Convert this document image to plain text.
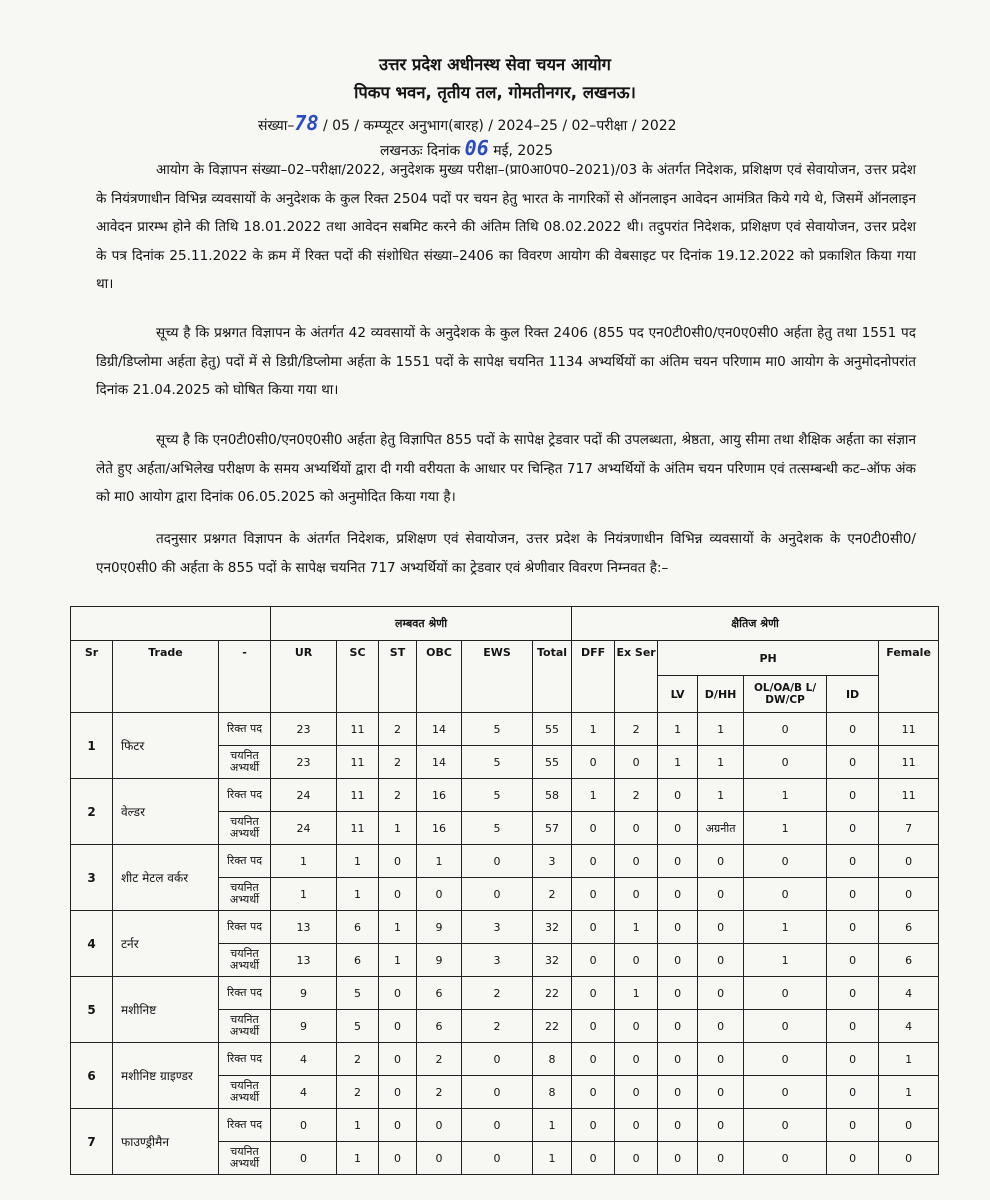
उत्तर प्रदेश अधीनस्थ सेवा चयन आयोग
पिकप भवन, तृतीय तल, गोमतीनगर, लखनऊ।
संख्या–78 / 05 / कम्प्यूटर अनुभाग(बारह) / 2024–25 / 02–परीक्षा / 2022
लखनऊः दिनांक 06 मई, 2025
आयोग के विज्ञापन संख्या–02–परीक्षा/2022, अनुदेशक मुख्य परीक्षा–(प्रा0आ0प0–2021)/03 के अंतर्गत निदेशक, प्रशिक्षण एवं सेवायोजन, उत्तर प्रदेश के नियंत्रणाधीन विभिन्न व्यवसायों के अनुदेशक के कुल रिक्त 2504 पदों पर चयन हेतु भारत के नागरिकों से ऑनलाइन आवेदन आमंत्रित किये गये थे, जिसमें ऑनलाइन आवेदन प्रारम्भ होने की तिथि 18.01.2022 तथा आवेदन सबमिट करने की अंतिम तिथि 08.02.2022 थी। तदुपरांत निदेशक, प्रशिक्षण एवं सेवायोजन, उत्तर प्रदेश के पत्र दिनांक 25.11.2022 के क्रम में रिक्त पदों की संशोधित संख्या–2406 का विवरण आयोग की वेबसाइट पर दिनांक 19.12.2022 को प्रकाशित किया गया था।
सूच्य है कि प्रश्नगत विज्ञापन के अंतर्गत 42 व्यवसायों के अनुदेशक के कुल रिक्त 2406 (855 पद एन0टी0सी0/एन0ए0सी0 अर्हता हेतु तथा 1551 पद डिग्री/डिप्लोमा अर्हता हेतु) पदों में से डिग्री/डिप्लोमा अर्हता के 1551 पदों के सापेक्ष चयनित 1134 अभ्यर्थियों का अंतिम चयन परिणाम मा0 आयोग के अनुमोदनोपरांत दिनांक 21.04.2025 को घोषित किया गया था।
सूच्य है कि एन0टी0सी0/एन0ए0सी0 अर्हता हेतु विज्ञापित 855 पदों के सापेक्ष ट्रेडवार पदों की उपलब्धता, श्रेष्ठता, आयु सीमा तथा शैक्षिक अर्हता का संज्ञान लेते हुए अर्हता/अभिलेख परीक्षण के समय अभ्यर्थियों द्वारा दी गयी वरीयता के आधार पर चिन्हित 717 अभ्यर्थियों के अंतिम चयन परिणाम एवं तत्सम्बन्धी कट–ऑफ अंक को मा0 आयोग द्वारा दिनांक 06.05.2025 को अनुमोदित किया गया है।
तदनुसार प्रश्नगत विज्ञापन के अंतर्गत निदेशक, प्रशिक्षण एवं सेवायोजन, उत्तर प्रदेश के नियंत्रणाधीन विभिन्न व्यवसायों के अनुदेशक के एन0टी0सी0/एन0ए0सी0 की अर्हता के 855 पदों के सापेक्ष चयनित 717 अभ्यर्थियों का ट्रेडवार एवं श्रेणीवार विवरण निम्नवत है:–
			लम्बवत श्रेणी						क्षैतिज श्रेणी						
Sr	Trade	-	UR	SC	ST	OBC	EWS	Total	DFF	Ex Ser	PH				Female
											LV	D/HH	OL/OA/B L/ DW/CP	ID	
1	फिटर	रिक्त पद	23	11	2	14	5	55	1	2	1	1	0	0	11
		चयनित अभ्यर्थी	23	11	2	14	5	55	0	0	1	1	0	0	11
2	वेल्डर	रिक्त पद	24	11	2	16	5	58	1	2	0	1	1	0	11
		चयनित अभ्यर्थी	24	11	1	16	5	57	0	0	0	अग्रनीत	1	0	7
3	शीट मेटल वर्कर	रिक्त पद	1	1	0	1	0	3	0	0	0	0	0	0	0
		चयनित अभ्यर्थी	1	1	0	0	0	2	0	0	0	0	0	0	0
4	टर्नर	रिक्त पद	13	6	1	9	3	32	0	1	0	0	1	0	6
		चयनित अभ्यर्थी	13	6	1	9	3	32	0	0	0	0	1	0	6
5	मशीनिष्ट	रिक्त पद	9	5	0	6	2	22	0	1	0	0	0	0	4
		चयनित अभ्यर्थी	9	5	0	6	2	22	0	0	0	0	0	0	4
6	मशीनिष्ट ग्राइण्डर	रिक्त पद	4	2	0	2	0	8	0	0	0	0	0	0	1
		चयनित अभ्यर्थी	4	2	0	2	0	8	0	0	0	0	0	0	1
7	फाउण्ड्रीमैन	रिक्त पद	0	1	0	0	0	1	0	0	0	0	0	0	0
		चयनित अभ्यर्थी	0	1	0	0	0	1	0	0	0	0	0	0	0
